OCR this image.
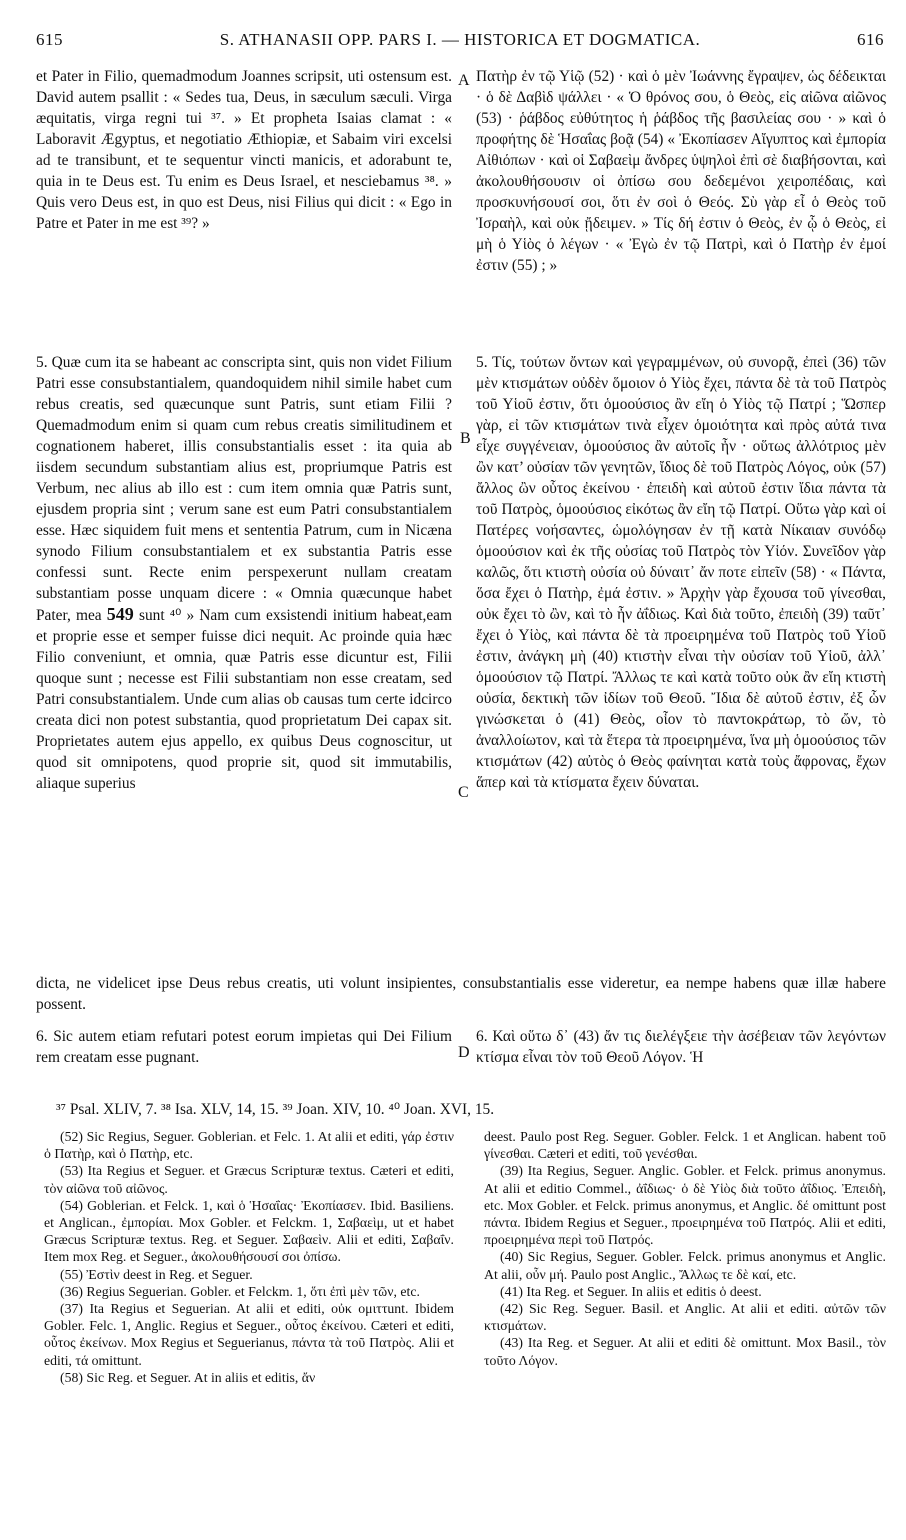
615	S. ATHANASII OPP. PARS I. — HISTORICA ET DOGMATICA.	616
A
B
C
D
et Pater in Filio, quemadmodum Joannes scripsit, uti ostensum est. David autem psallit : « Sedes tua, Deus, in sæculum sæculi. Virga æquitatis, virga regni tui ³⁷. » Et propheta Isaias clamat : « Laboravit Ægyptus, et negotiatio Æthiopiæ, et Sabaim viri excelsi ad te transibunt, et te sequentur vincti manicis, et adorabunt te, quia in te Deus est. Tu enim es Deus Israel, et nesciebamus ³⁸. » Quis vero Deus est, in quo est Deus, nisi Filius qui dicit : « Ego in Patre et Pater in me est ³⁹? »
5. Quæ cum ita se habeant ac conscripta sint, quis non videt Filium Patri esse consubstantialem, quandoquidem nihil simile habet cum rebus creatis, sed quæcunque sunt Patris, sunt etiam Filii ? Quemadmodum enim si quam cum rebus creatis similitudinem et cognationem haberet, illis consubstantialis esset : ita quia ab iisdem secundum substantiam alius est, propriumque Patris est Verbum, nec alius ab illo est : cum item omnia quæ Patris sunt, ejusdem propria sint ; verum sane est eum Patri consubstantialem esse. Hæc siquidem fuit mens et sententia Patrum, cum in Nicæna synodo Filium consubstantialem et ex substantia Patris esse confessi sunt. Recte enim perspexerunt nullam creatam substantiam posse unquam dicere : « Omnia quæcunque habet Pater, mea 549 sunt ⁴⁰ » Nam cum exsistendi initium habeat,eam et proprie esse et semper fuisse dici nequit. Ac proinde quia hæc Filio conveniunt, et omnia, quæ Patris esse dicuntur est, Filii quoque sunt ; necesse est Filii substantiam non esse creatam, sed Patri consubstantialem. Unde cum alias ob causas tum certe idcirco creata dici non potest substantia, quod proprietatum Dei capax sit. Proprietates autem ejus appello, ex quibus Deus cognoscitur, ut quod sit omnipotens, quod proprie sit, quod sit immutabilis, aliaque superius
Πατὴρ ἐν τῷ Υἱῷ (52) · καὶ ὁ μὲν Ἰωάννης ἔγραψεν, ὡς δέδεικται · ὁ δὲ Δαβὶδ ψάλλει · « Ὁ θρόνος σου, ὁ Θεὸς, εἰς αἰῶνα αἰῶνος (53) · ῥάβδος εὐθύτητος ἡ ῥάβδος τῆς βασιλείας σου · » καὶ ὁ προφήτης δὲ Ἡσαΐας βοᾷ (54) « Ἐκοπίασεν Αἴγυπτος καὶ ἐμπορία Αἰθιόπων · καὶ οἱ Σαβαεὶμ ἄνδρες ὑψηλοὶ ἐπὶ σὲ διαβήσονται, καὶ ἀκολουθήσουσιν οἱ ὀπίσω σου δεδεμένοι χειροπέδαις, καὶ προσκυνήσουσί σοι, ὅτι ἐν σοὶ ὁ Θεός. Σὺ γὰρ εἶ ὁ Θεὸς τοῦ Ἰσραὴλ, καὶ οὐκ ᾔδειμεν. » Τίς δή ἐστιν ὁ Θεὸς, ἐν ᾧ ὁ Θεὸς, εἰ μὴ ὁ Υἱὸς ὁ λέγων · « Ἐγὼ ἐν τῷ Πατρὶ, καὶ ὁ Πατὴρ ἐν ἐμοί ἐστιν (55) ; »
5. Τίς, τούτων ὄντων καὶ γεγραμμένων, οὐ συνορᾷ, ἐπεὶ (36) τῶν μὲν κτισμάτων οὐδὲν ὅμοιον ὁ Υἱὸς ἔχει, πάντα δὲ τὰ τοῦ Πατρὸς τοῦ Υἱοῦ ἐστιν, ὅτι ὁμοούσιος ἂν εἴη ὁ Υἱὸς τῷ Πατρί ; Ὥσπερ γὰρ, εἰ τῶν κτισμάτων τινὰ εἶχεν ὁμοιότητα καὶ πρὸς αὐτά τινα εἶχε συγγένειαν, ὁμοούσιος ἂν αὐτοῖς ἦν · οὕτως ἀλλότριος μὲν ὢν κατ’ οὐσίαν τῶν γενητῶν, ἴδιος δὲ τοῦ Πατρὸς Λόγος, οὐκ (57) ἄλλος ὢν οὗτος ἐκείνου · ἐπειδὴ καὶ αὐτοῦ ἐστιν ἴδια πάντα τὰ τοῦ Πατρὸς, ὁμοούσιος εἰκότως ἂν εἴη τῷ Πατρί. Οὕτω γὰρ καὶ οἱ Πατέρες νοήσαντες, ὡμολόγησαν ἐν τῇ κατὰ Νίκαιαν συνόδῳ ὁμοούσιον καὶ ἐκ τῆς οὐσίας τοῦ Πατρὸς τὸν Υἱόν. Συνεῖδον γὰρ καλῶς, ὅτι κτιστὴ οὐσία οὐ δύναιτ᾽ ἄν ποτε εἰπεῖν (58) · « Πάντα, ὅσα ἔχει ὁ Πατὴρ, ἐμά ἐστιν. » Ἀρχὴν γὰρ ἔχουσα τοῦ γίνεσθαι, οὐκ ἔχει τὸ ὢν, καὶ τὸ ἦν ἀΐδιως. Καὶ διὰ τοῦτο, ἐπειδὴ (39) ταῦτ᾽ ἔχει ὁ Υἱὸς, καὶ πάντα δὲ τὰ προειρημένα τοῦ Πατρὸς τοῦ Υἱοῦ ἐστιν, ἀνάγκη μὴ (40) κτιστὴν εἶναι τὴν οὐσίαν τοῦ Υἱοῦ, ἀλλ᾽ ὁμοούσιον τῷ Πατρί. Ἄλλως τε καὶ κατὰ τοῦτο οὐκ ἂν εἴη κτιστὴ οὐσία, δεκτικὴ τῶν ἰδίων τοῦ Θεοῦ. Ἴδια δὲ αὐτοῦ ἐστιν, ἐξ ὧν γινώσκεται ὁ (41) Θεὸς, οἷον τὸ παντοκράτωρ, τὸ ὤν, τὸ ἀναλλοίωτον, καὶ τὰ ἕτερα τὰ προειρημένα, ἵνα μὴ ὁμοούσιος τῶν κτισμάτων (42) αὐτὸς ὁ Θεὸς φαίνηται κατὰ τοὺς ἄφρονας, ἔχων ἅπερ καὶ τὰ κτίσματα ἔχειν δύναται.
dicta, ne videlicet ipse Deus rebus creatis, uti volunt insipientes, consubstantialis esse videretur, ea nempe habens quæ illæ habere possent.
6. Sic autem etiam refutari potest eorum impietas qui Dei Filium rem creatam esse pugnant.
6. Καὶ οὕτω δ᾽ (43) ἄν τις διελέγξειε τὴν ἀσέβειαν τῶν λεγόντων κτίσμα εἶναι τὸν τοῦ Θεοῦ Λόγον. Ἡ
³⁷ Psal. XLIV, 7. ³⁸ Isa. XLV, 14, 15. ³⁹ Joan. XIV, 10. ⁴⁰ Joan. XVI, 15.

(52) Sic Regius, Seguer. Goblerian. et Felc. 1. At alii et editi, γάρ ἐστιν ὁ Πατὴρ, καὶ ὁ Πατὴρ, etc.

(53) Ita Regius et Seguer. et Græcus Scripturæ textus. Cæteri et editi, τὸν αἰῶνα τοῦ αἰῶνος.

(54) Goblerian. et Felck. 1, καὶ ὁ Ἡσαΐας· Ἐκοπίασεν. Ibid. Basiliens. et Anglican., ἐμπορίαι. Mox Gobler. et Felckm. 1, Σαβαεὶμ, ut et habet Græcus Scripturæ textus. Reg. et Seguer. Σαβαεὶν. Alii et editi, Σαβαΐν. Item mox Reg. et Seguer., ἀκολουθήσουσί σοι ὀπίσω.

(55) Ἐστὶν deest in Reg. et Seguer.

(36) Regius Seguerian. Gobler. et Felckm. 1, ὅτι ἐπὶ μὲν τῶν, etc.

(37) Ita Regius et Seguerian. At alii et editi, οὐκ ομιττunt. Ibidem Gobler. Felc. 1, Anglic. Regius et Seguer., οὗτος ἐκείνου. Cæteri et editi, οὗτος ἐκείνων. Mox Regius et Seguerianus, πάντα τὰ τοῦ Πατρὸς. Alii et editi, τά omittunt.

(58) Sic Reg. et Seguer. At in aliis et editis, ἄν

deest. Paulo post Reg. Seguer. Gobler. Felck. 1 et Anglican. habent τοῦ γίνεσθαι. Cæteri et editi, τοῦ γενέσθαι.

(39) Ita Regius, Seguer. Anglic. Gobler. et Felck. primus anonymus. At alii et editio Commel., ἀΐδιως· ὁ δὲ Υἱὸς διὰ τοῦτο ἀΐδιος. Ἐπειδὴ, etc. Mox Gobler. et Felck. primus anonymus, et Anglic. δέ omittunt post πάντα. Ibidem Regius et Seguer., προειρημένα τοῦ Πατρός. Alii et editi, προειρημένα περὶ τοῦ Πατρός.

(40) Sic Regius, Seguer. Gobler. Felck. primus anonymus et Anglic. At alii, οὖν μή. Paulo post Anglic., Ἄλλως τε δὲ καί, etc.

(41) Ita Reg. et Seguer. In aliis et editis ὁ deest.

(42) Sic Reg. Seguer. Basil. et Anglic. At alii et editi. αὐτῶν τῶν κτισμάτων.

(43) Ita Reg. et Seguer. At alii et editi δὲ omittunt. Mox Basil., τὸν τοῦτο Λόγον.
